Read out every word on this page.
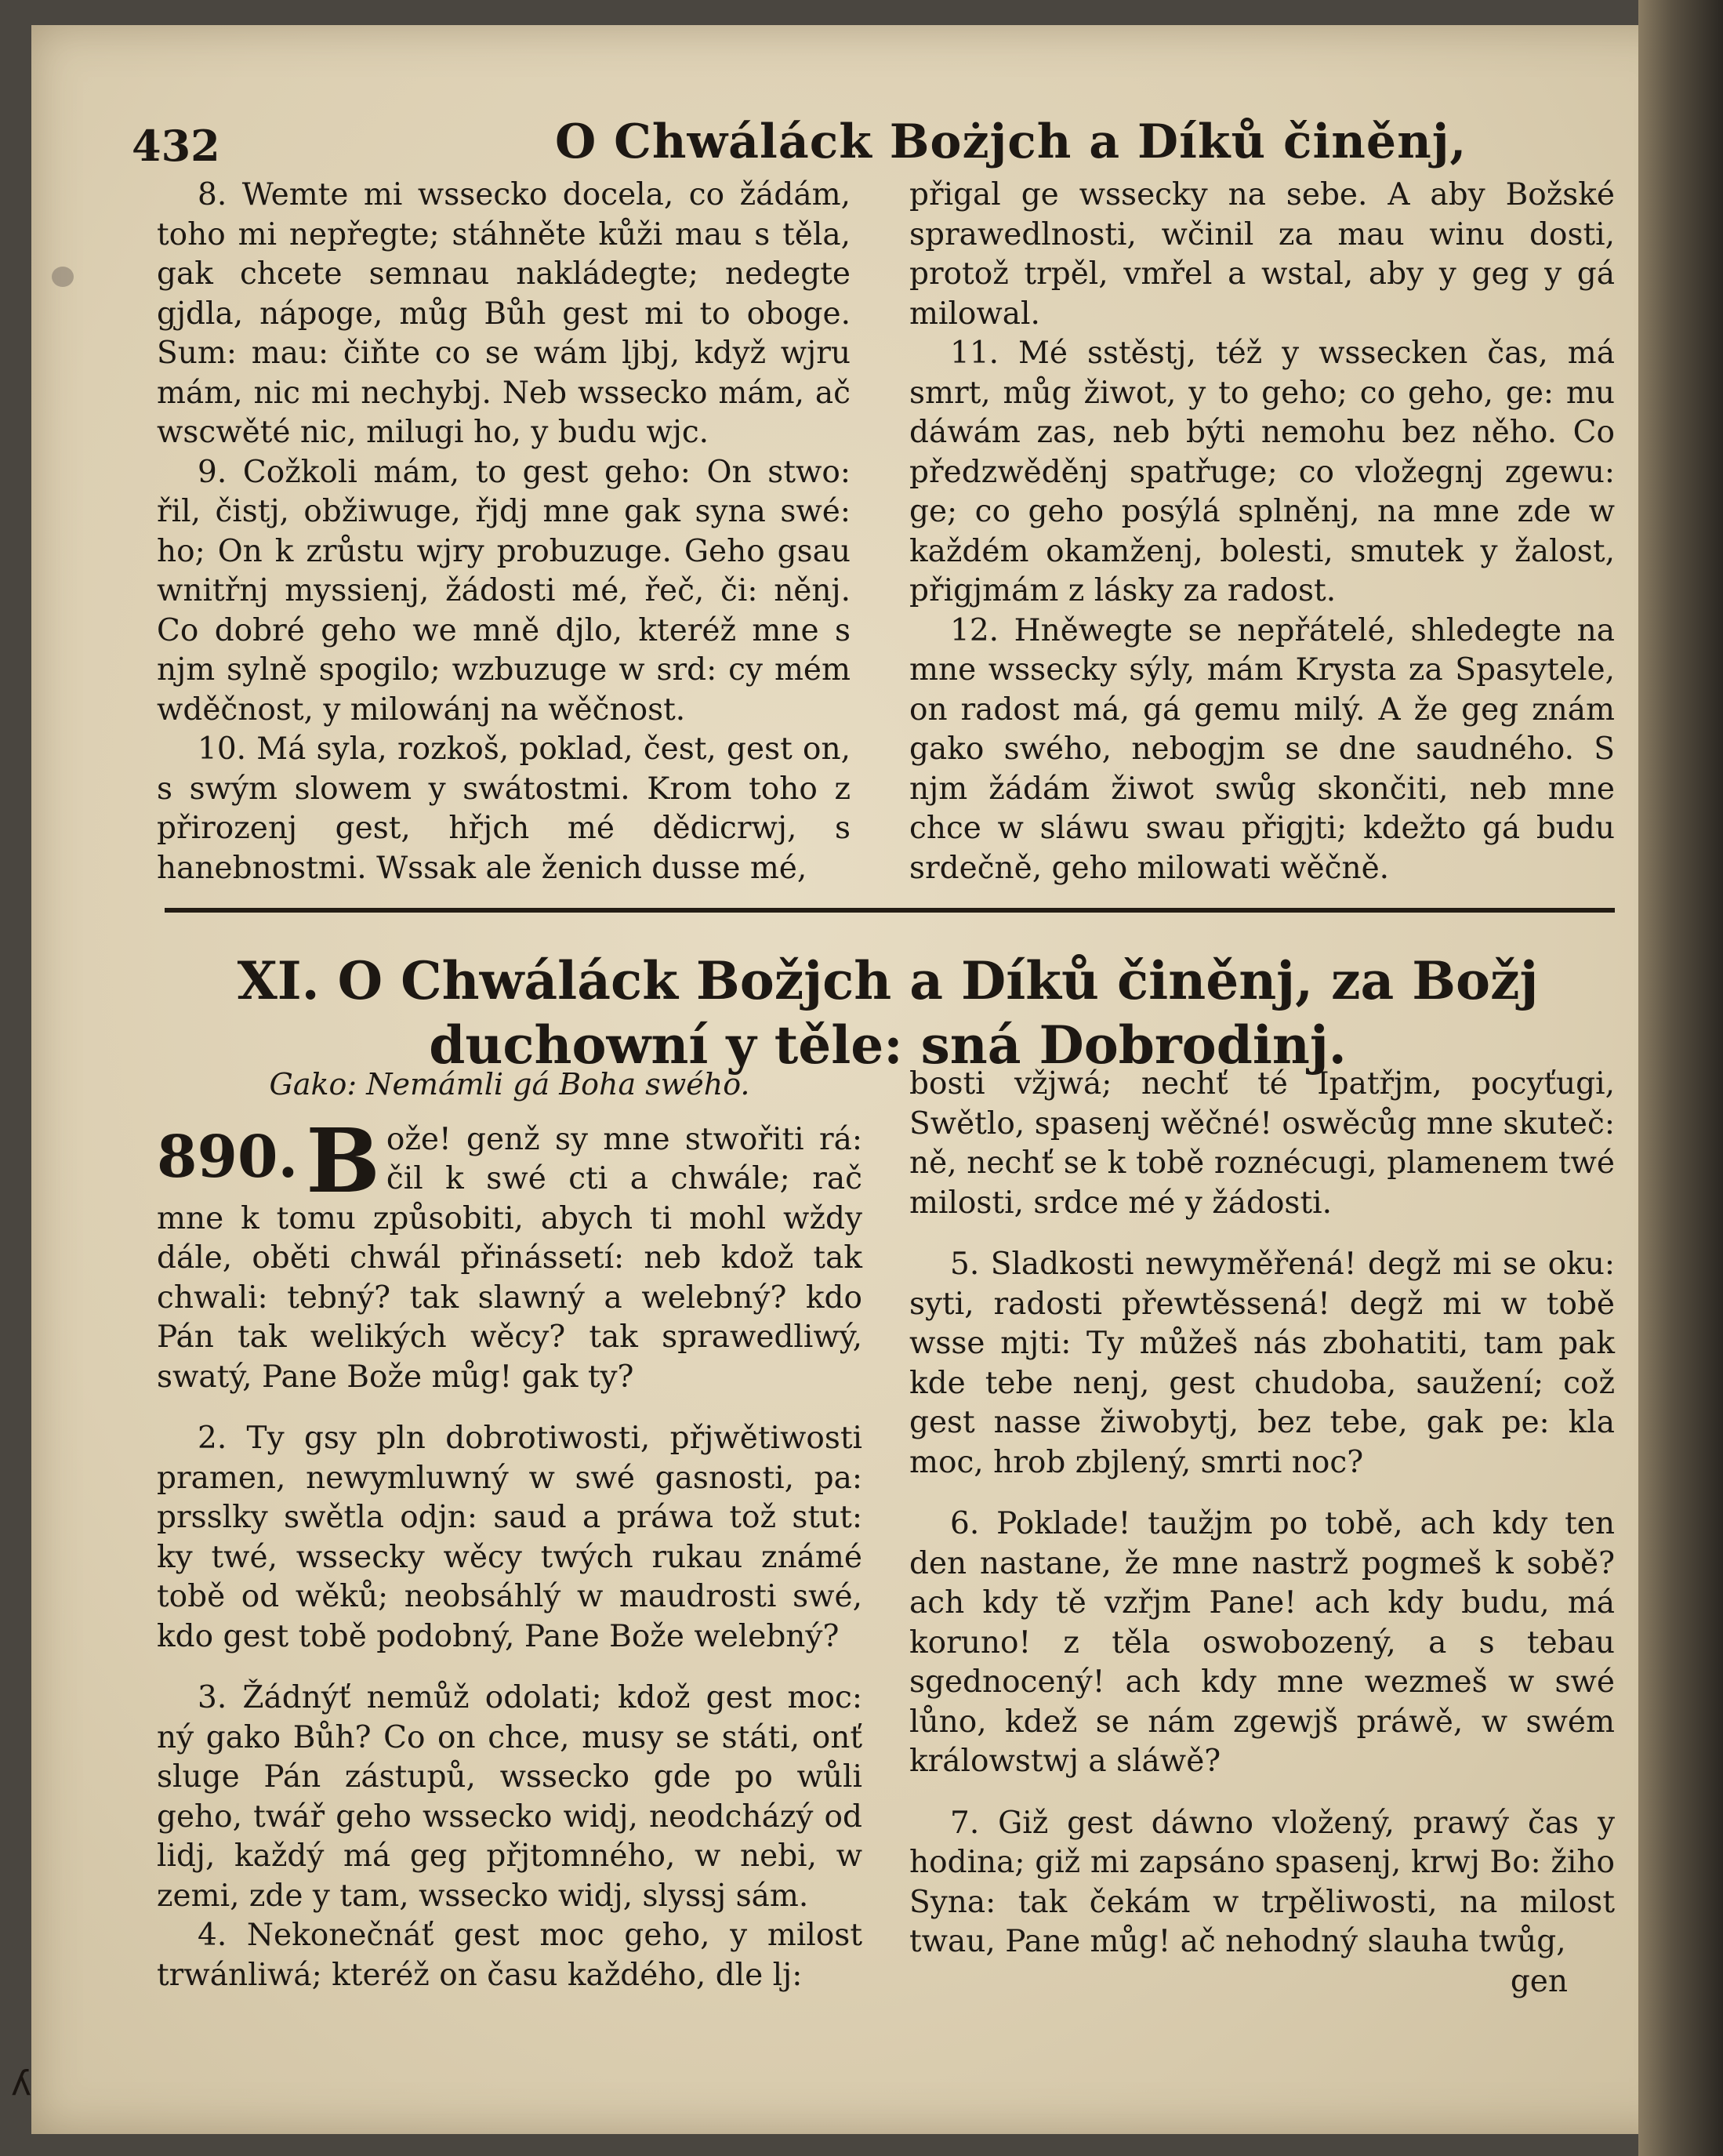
ʎ
432	O Chwáláck Bożjch a Díků činěnj,

8. Wemte mi wsseckо docela, co žádám, toho mi nepřegte; stáhněte kůži mau s těla, gak chcete semnau nakládegte; nedegte gjdla, nápoge, můg Bůh gest mi to oboge. Sum: mau: čiňte co se wám ljbj, když wjru mám, nic mi nechybj. Neb wsseckо mám, ač wsсwěté nic, milugi ho, y budu wjc.

9. Cožkoli mám, to gest geho: On stwo: řil, čistj, obžiwuge, řjdj mne gak syna swé: ho; On k zrůstu wjry probuzuge. Geho gsau wnitřnj myssienj, žádosti mé, řeč, či: něnj. Co dobré geho we mně djlo, kteréž mne s njm sylně spogilo; wzbuzuge w srd: cy mém wděčnost, y milowánj na wěčnost.

10. Má syla, rozkoš, poklad, čest, gest on, s swým slowem y swátostmi. Krom toho z přirozenj gest, hřjch mé dědicrwj, s hanebnostmi. Wssak ale ženich dusse mé,

přigal ge wssecky na sebe. A aby Božské sprawedlnosti, wčinil za mau winu dosti, protož trpěl, vmřel a wstal, aby y geg y gá milowal.

11. Mé sstěstj, též y wssecken čas, má smrt, můg žiwot, y to geho; co geho, ge: mu dáwám zas, neb býti nemohu bez něho. Co předzwěděnj spatřuge; co vložegnj zgewu: ge; co geho posýlá splněnj, na mne zde w každém okamženj, bolesti, smutek y žalost, přigjmám z lásky za radost.

12. Hněwegte se nepřátelé, shledegte na mne wssecky sýly, mám Krysta za Spasytele, on radost má, gá gemu milý. A že geg znám gako swého, nebogjm se dne saudného. S njm žádám žiwot swůg skončiti, neb mne chce w sláwu swau přigjti; kdežto gá budu srdečně, geho milowati wěčně.

XI. O Chwáláck Božjch a Díků činěnj, za Božj duchowní y těle: sná Dobrodinj.

Gako: Nemámli gá Boha swého.

890. B ože! genž sy mne stwořiti rá: čil k swé cti a chwále; rač mne k tomu způsobiti, abych ti mohl wždy dále, oběti chwál přinássetí: neb kdož tak chwali: tebný? tak slawný a welebný? kdo Pán tak welikých wěcy? tak sprawedliwý, swatý, Pane Bože můg! gak ty?

2. Ty gsy pln dobrotiwosti, přjwětiwosti pramen, newymluwný w swé gasnosti, pa: prsslky swětla odjn: saud a práwa tož stut: ky twé, wssecky wěcy twých rukau známé tobě od wěků; neobsáhlý w maudrosti swé, kdo gest tobě podobný, Pane Bože welebný?

3. Žádnýť nemůž odolati; kdož gest moc: ný gako Bůh? Co on chce, musy se státi, onť sluge Pán zástupů, wssecko gde po wůli geho, twář geho wssecko widj, neodcházý od lidj, každý má geg přjtomného, w nebi, w zemi, zde y tam, wssecko widj, slyssj sám.

4. Nekonečnáť gest moc geho, y milost trwánliwá; kteréž on času každého, dle lj:

bosti vžjwá; nechť té Ipatřjm, pocyťugi, Swětlo, spasenj wěčné! oswěcůg mne skuteč: ně, nechť se k tobě roznécugi, plamenem twé milosti, srdce mé y žádosti.

5. Sladkosti newyměřená! degž mi se oku: syti, radosti přewtěssená! degž mi w tobě wsse mjti: Ty můžeš nás zbohatiti, tam pak kde tebe nenj, gest chudoba, saužení; což gest nasse žiwobytj, bez tebe, gak pe: kla moc, hrob zbjlený, smrti noc?

6. Poklade! taužjm po tobě, ach kdy ten den nastane, že mne nastrž pogmeš k sobě? ach kdy tě vzřjm Pane! ach kdy budu, má koruno! z těla oswobozený, a s tebau sgednocený! ach kdy mne wezmeš w swé lůno, kdež se nám zgewjš práwě, w swém králowstwj a sláwě?

7. Giž gest dáwno vložený, prawý čas y hodina; giž mi zapsáno spasenj, krwj Bo: žiho Syna: tak čekám w trpěliwosti, na milost twau, Pane můg! ač nehodný slauha twůg,

gen
